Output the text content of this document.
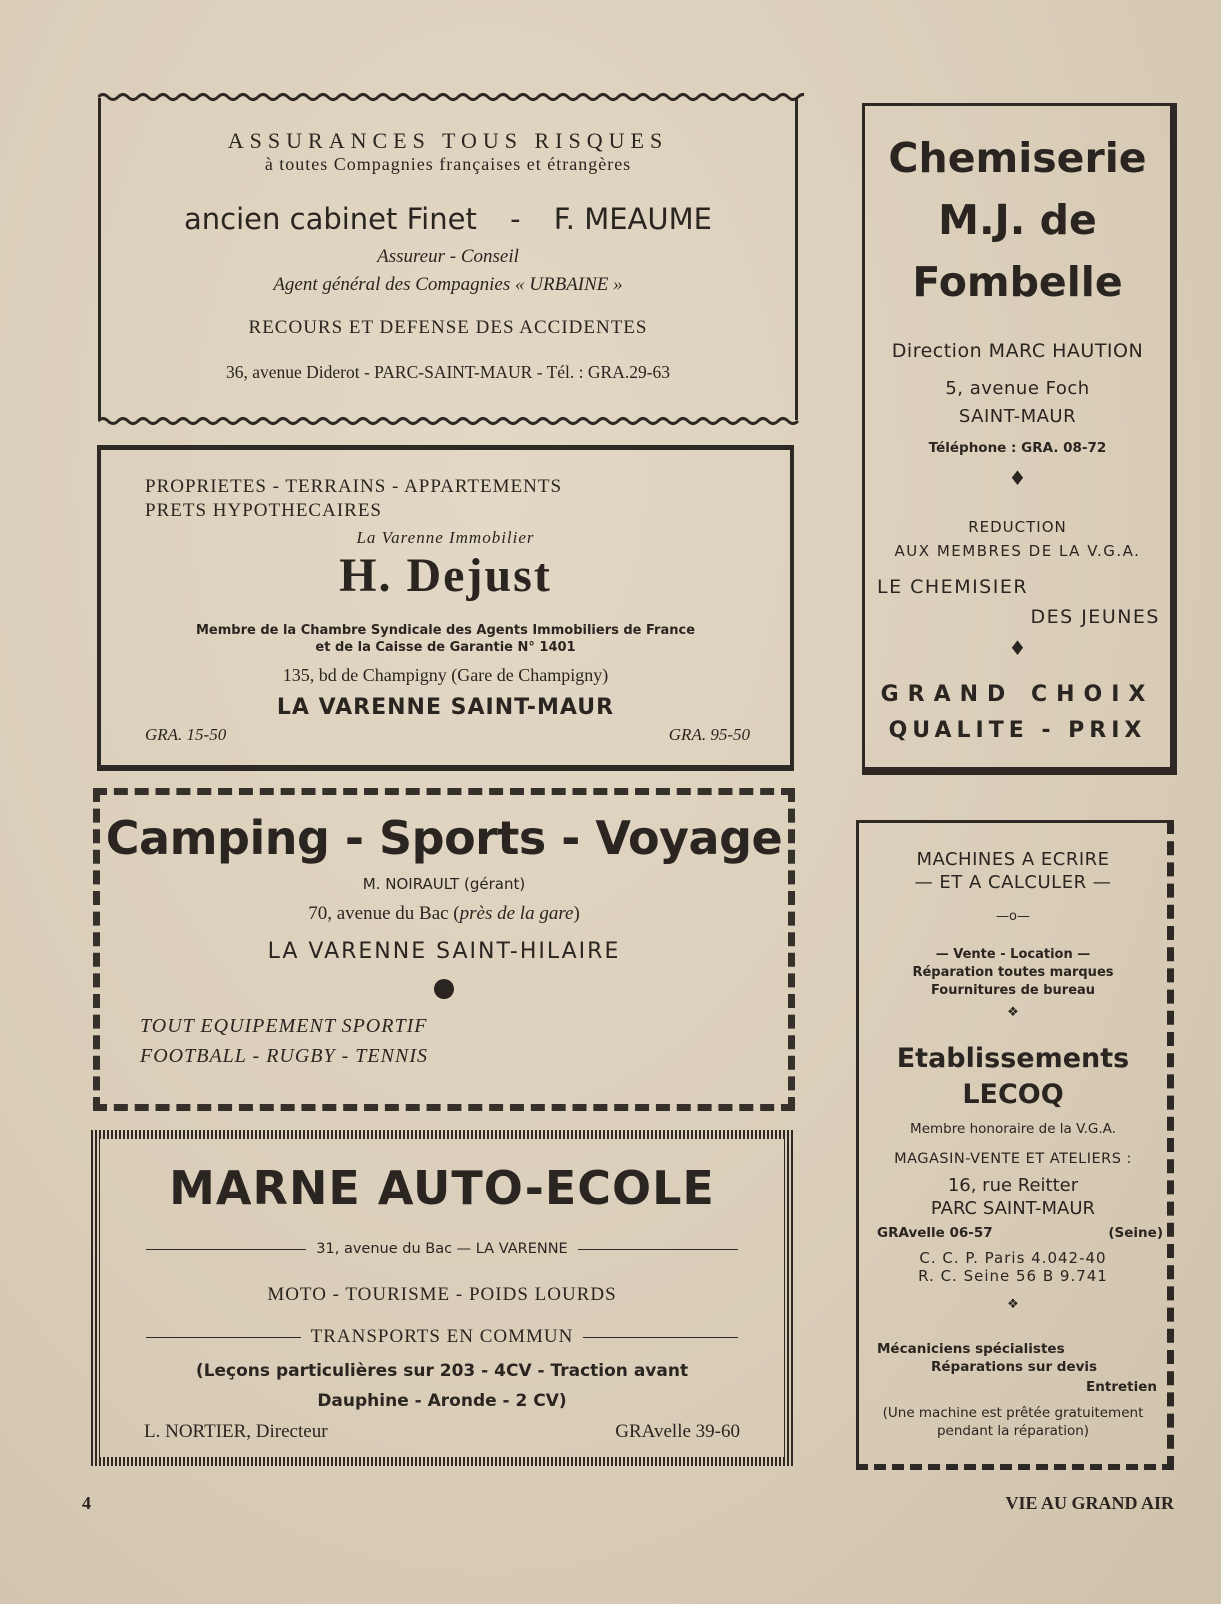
ASSURANCES TOUS RISQUES
à toutes Compagnies françaises et étrangères
ancien cabinet Finet - F. MEAUME
Assureur - Conseil
Agent général des Compagnies « URBAINE »
RECOURS ET DEFENSE DES ACCIDENTES
36, avenue Diderot - PARC-SAINT-MAUR - Tél. : GRA.29-63
PROPRIETES - TERRAINS - APPARTEMENTS
PRETS HYPOTHECAIRES
La Varenne Immobilier
H. Dejust
Membre de la Chambre Syndicale des Agents Immobiliers de France
et de la Caisse de Garantie N° 1401
135, bd de Champigny (Gare de Champigny)
LA VARENNE SAINT-MAUR
GRA. 15-50	GRA. 95-50
Camping - Sports - Voyage
M. NOIRAULT (gérant)
70, avenue du Bac (près de la gare)
LA VARENNE SAINT-HILAIRE
TOUT EQUIPEMENT SPORTIF
FOOTBALL - RUGBY - TENNIS
MARNE AUTO-ECOLE
31, avenue du Bac — LA VARENNE
MOTO - TOURISME - POIDS LOURDS
TRANSPORTS EN COMMUN
(Leçons particulières sur 203 - 4CV - Traction avant
Dauphine - Aronde - 2 CV)
L. NORTIER, Directeur	GRAvelle 39-60
Chemiserie
M.J. de
Fombelle
Direction MARC HAUTION
5, avenue Foch
SAINT-MAUR
Téléphone : GRA. 08-72
♦
REDUCTION
AUX MEMBRES DE LA V.G.A.
LE CHEMISIER
DES JEUNES
♦
GRAND CHOIX
QUALITE - PRIX
MACHINES A ECRIRE
— ET A CALCULER —
—o—
— Vente - Location —
Réparation toutes marques
Fournitures de bureau
❖
Etablissements
LECOQ
Membre honoraire de la V.G.A.
MAGASIN-VENTE ET ATELIERS :
16, rue Reitter
PARC SAINT-MAUR
GRAvelle 06-57	(Seine)
C. C. P. Paris 4.042-40
R. C. Seine 56 B 9.741
❖
Mécaniciens spécialistes
Réparations sur devis
Entretien
(Une machine est prêtée gratuitement
pendant la réparation)
4	VIE AU GRAND AIR
